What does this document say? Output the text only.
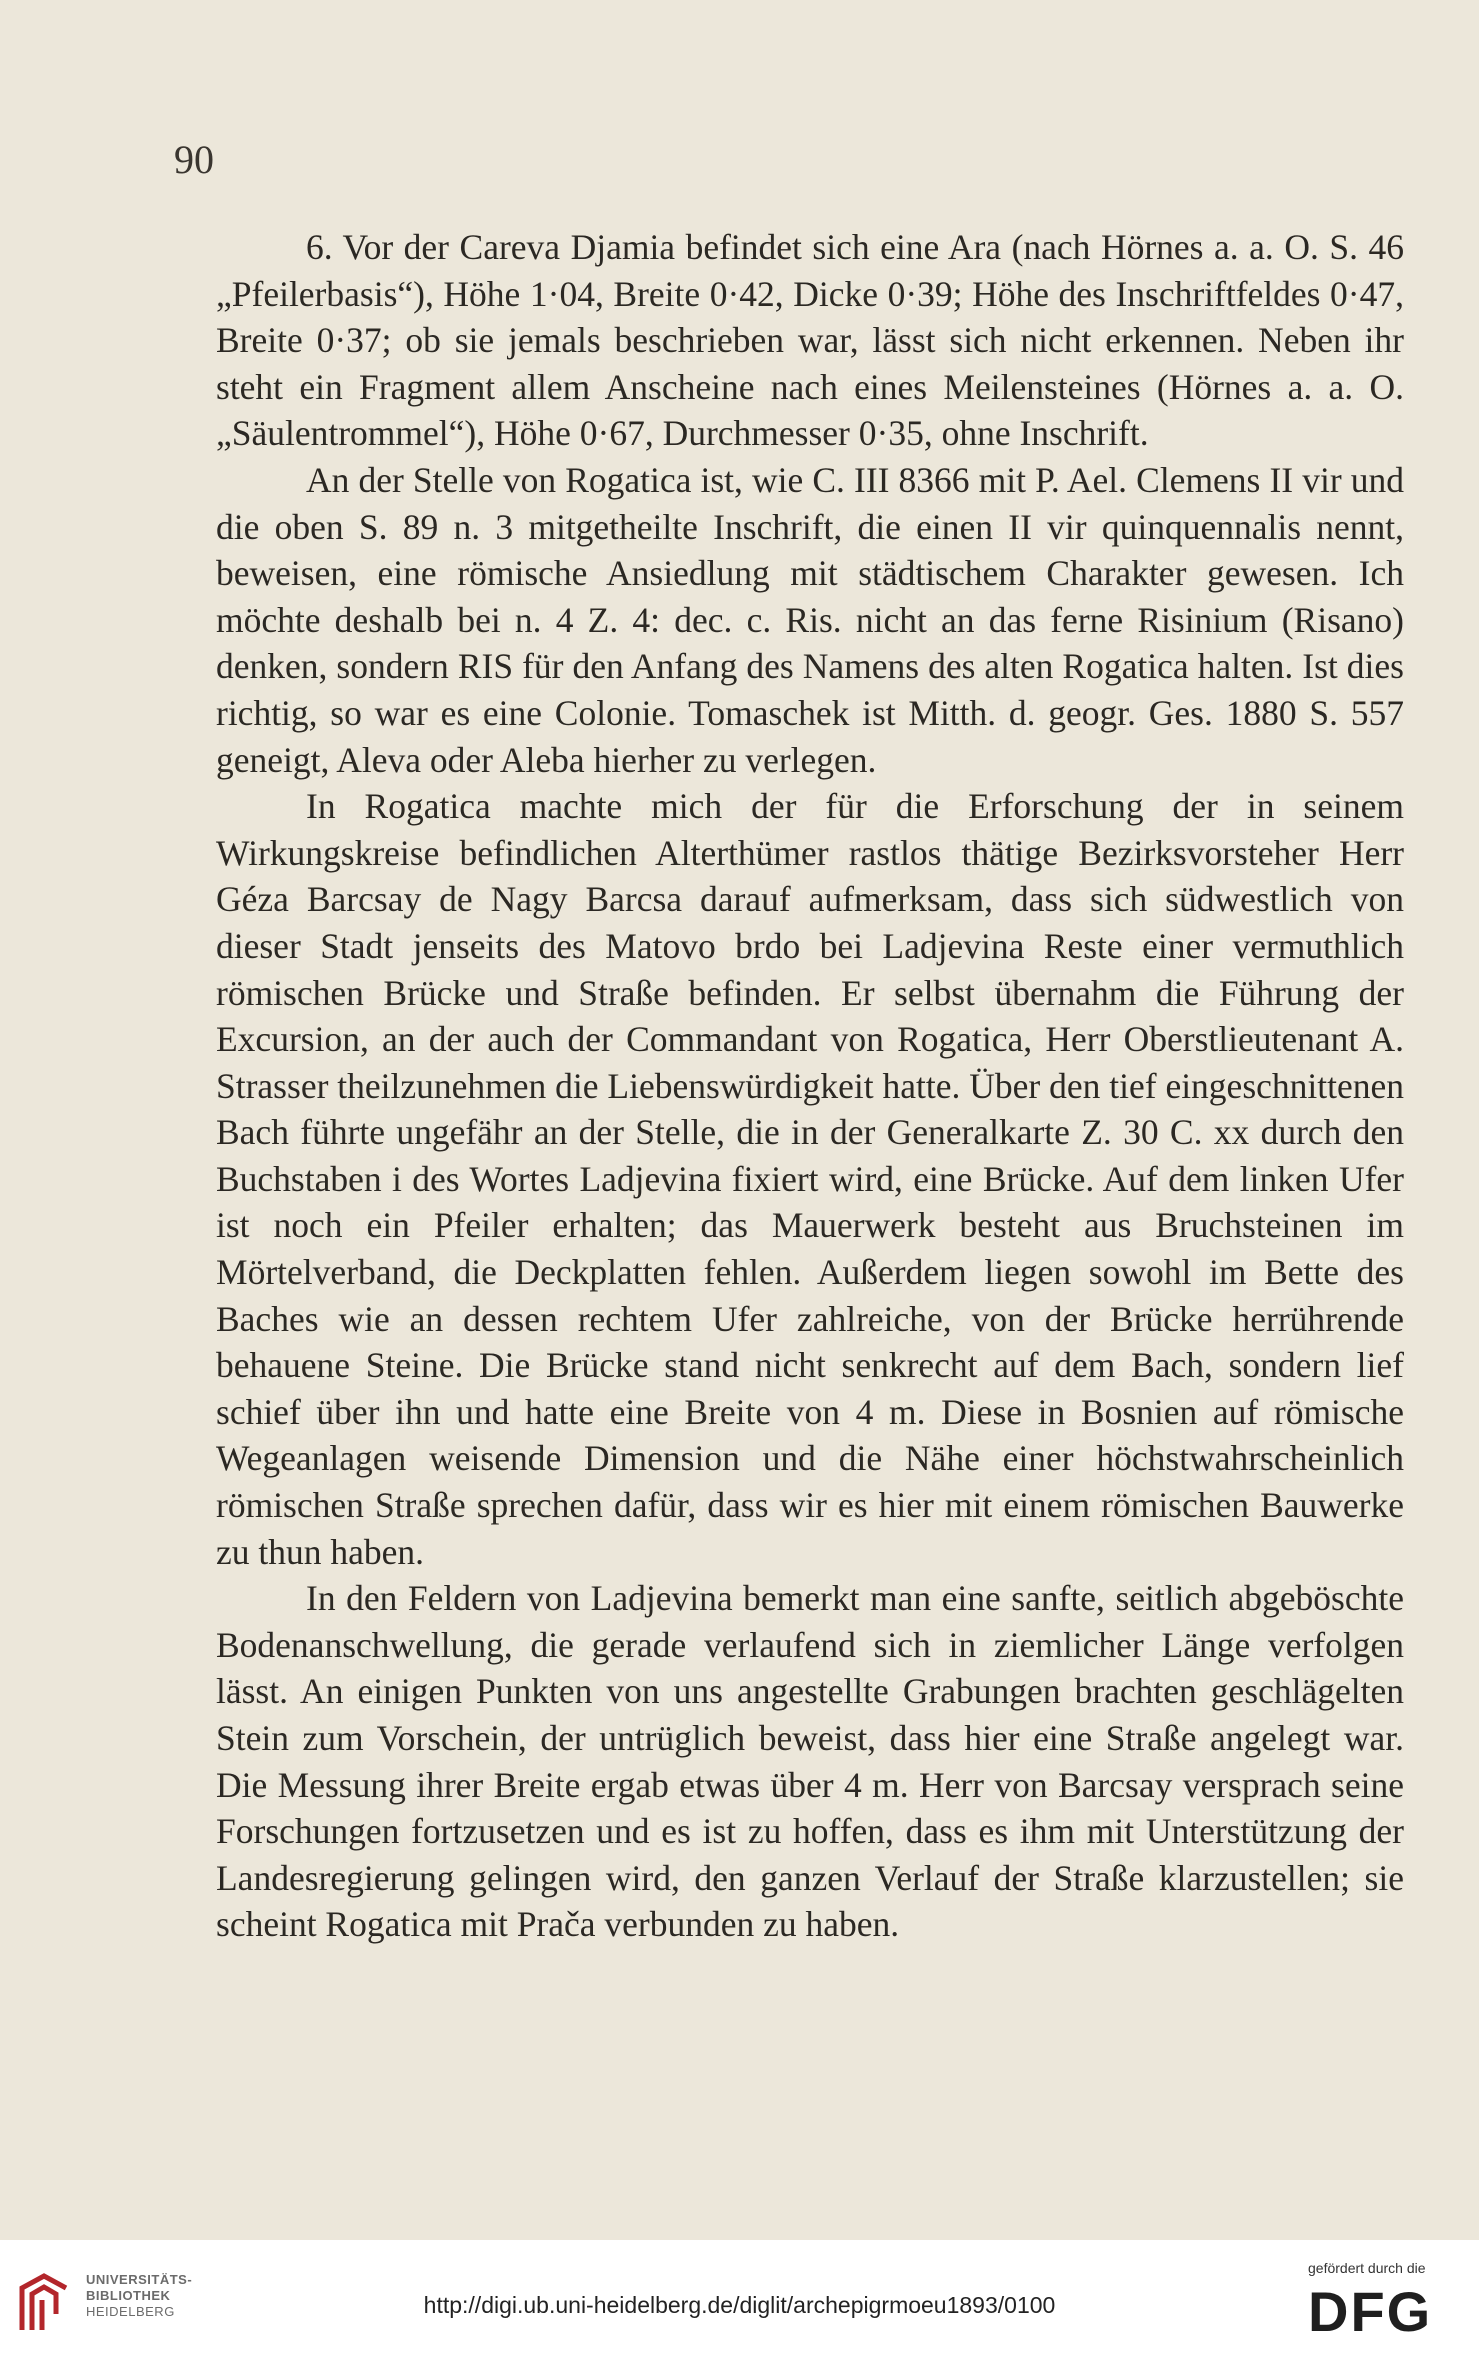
90

6. Vor der Careva Djamia befindet sich eine Ara (nach Hörnes a. a. O. S. 46 „Pfeilerbasis“), Höhe 1·04, Breite 0·42, Dicke 0·39; Höhe des Inschriftfeldes 0·47, Breite 0·37; ob sie jemals beschrieben war, lässt sich nicht erkennen. Neben ihr steht ein Fragment allem Anscheine nach eines Meilensteines (Hörnes a. a. O. „Säulentrommel“), Höhe 0·67, Durchmesser 0·35, ohne Inschrift.

An der Stelle von Rogatica ist, wie C. III 8366 mit P. Ael. Clemens II vir und die oben S. 89 n. 3 mitgetheilte Inschrift, die einen II vir quinquennalis nennt, beweisen, eine römische Ansiedlung mit städtischem Charakter gewesen. Ich möchte deshalb bei n. 4 Z. 4: dec. c. Ris. nicht an das ferne Risinium (Risano) denken, sondern RIS für den Anfang des Namens des alten Rogatica halten. Ist dies richtig, so war es eine Colonie. Tomaschek ist Mitth. d. geogr. Ges. 1880 S. 557 geneigt, Aleva oder Aleba hierher zu verlegen.

In Rogatica machte mich der für die Erforschung der in seinem Wirkungskreise befindlichen Alterthümer rastlos thätige Bezirksvorsteher Herr Géza Barcsay de Nagy Barcsa darauf aufmerksam, dass sich südwestlich von dieser Stadt jenseits des Matovo brdo bei Ladjevina Reste einer vermuthlich römischen Brücke und Straße befinden. Er selbst übernahm die Führung der Excursion, an der auch der Commandant von Rogatica, Herr Oberstlieutenant A. Strasser theilzunehmen die Liebenswürdigkeit hatte. Über den tief eingeschnittenen Bach führte ungefähr an der Stelle, die in der Generalkarte Z. 30 C. xx durch den Buchstaben i des Wortes Ladjevina fixiert wird, eine Brücke. Auf dem linken Ufer ist noch ein Pfeiler erhalten; das Mauerwerk besteht aus Bruchsteinen im Mörtelverband, die Deckplatten fehlen. Außerdem liegen sowohl im Bette des Baches wie an dessen rechtem Ufer zahlreiche, von der Brücke herrührende behauene Steine. Die Brücke stand nicht senkrecht auf dem Bach, sondern lief schief über ihn und hatte eine Breite von 4 m. Diese in Bosnien auf römische Wegeanlagen weisende Dimension und die Nähe einer höchstwahrscheinlich römischen Straße sprechen dafür, dass wir es hier mit einem römischen Bauwerke zu thun haben.

In den Feldern von Ladjevina bemerkt man eine sanfte, seitlich abgeböschte Bodenanschwellung, die gerade verlaufend sich in ziemlicher Länge verfolgen lässt. An einigen Punkten von uns angestellte Grabungen brachten geschlägelten Stein zum Vorschein, der untrüglich beweist, dass hier eine Straße angelegt war. Die Messung ihrer Breite ergab etwas über 4 m. Herr von Barcsay versprach seine Forschungen fortzusetzen und es ist zu hoffen, dass es ihm mit Unterstützung der Landesregierung gelingen wird, den ganzen Verlauf der Straße klarzustellen; sie scheint Rogatica mit Prača verbunden zu haben.

UNIVERSITÄTS-
BIBLIOTHEK
HEIDELBERG	http://digi.ub.uni-heidelberg.de/diglit/archepigrmoeu1893/0100
gefördert durch die
DFG
